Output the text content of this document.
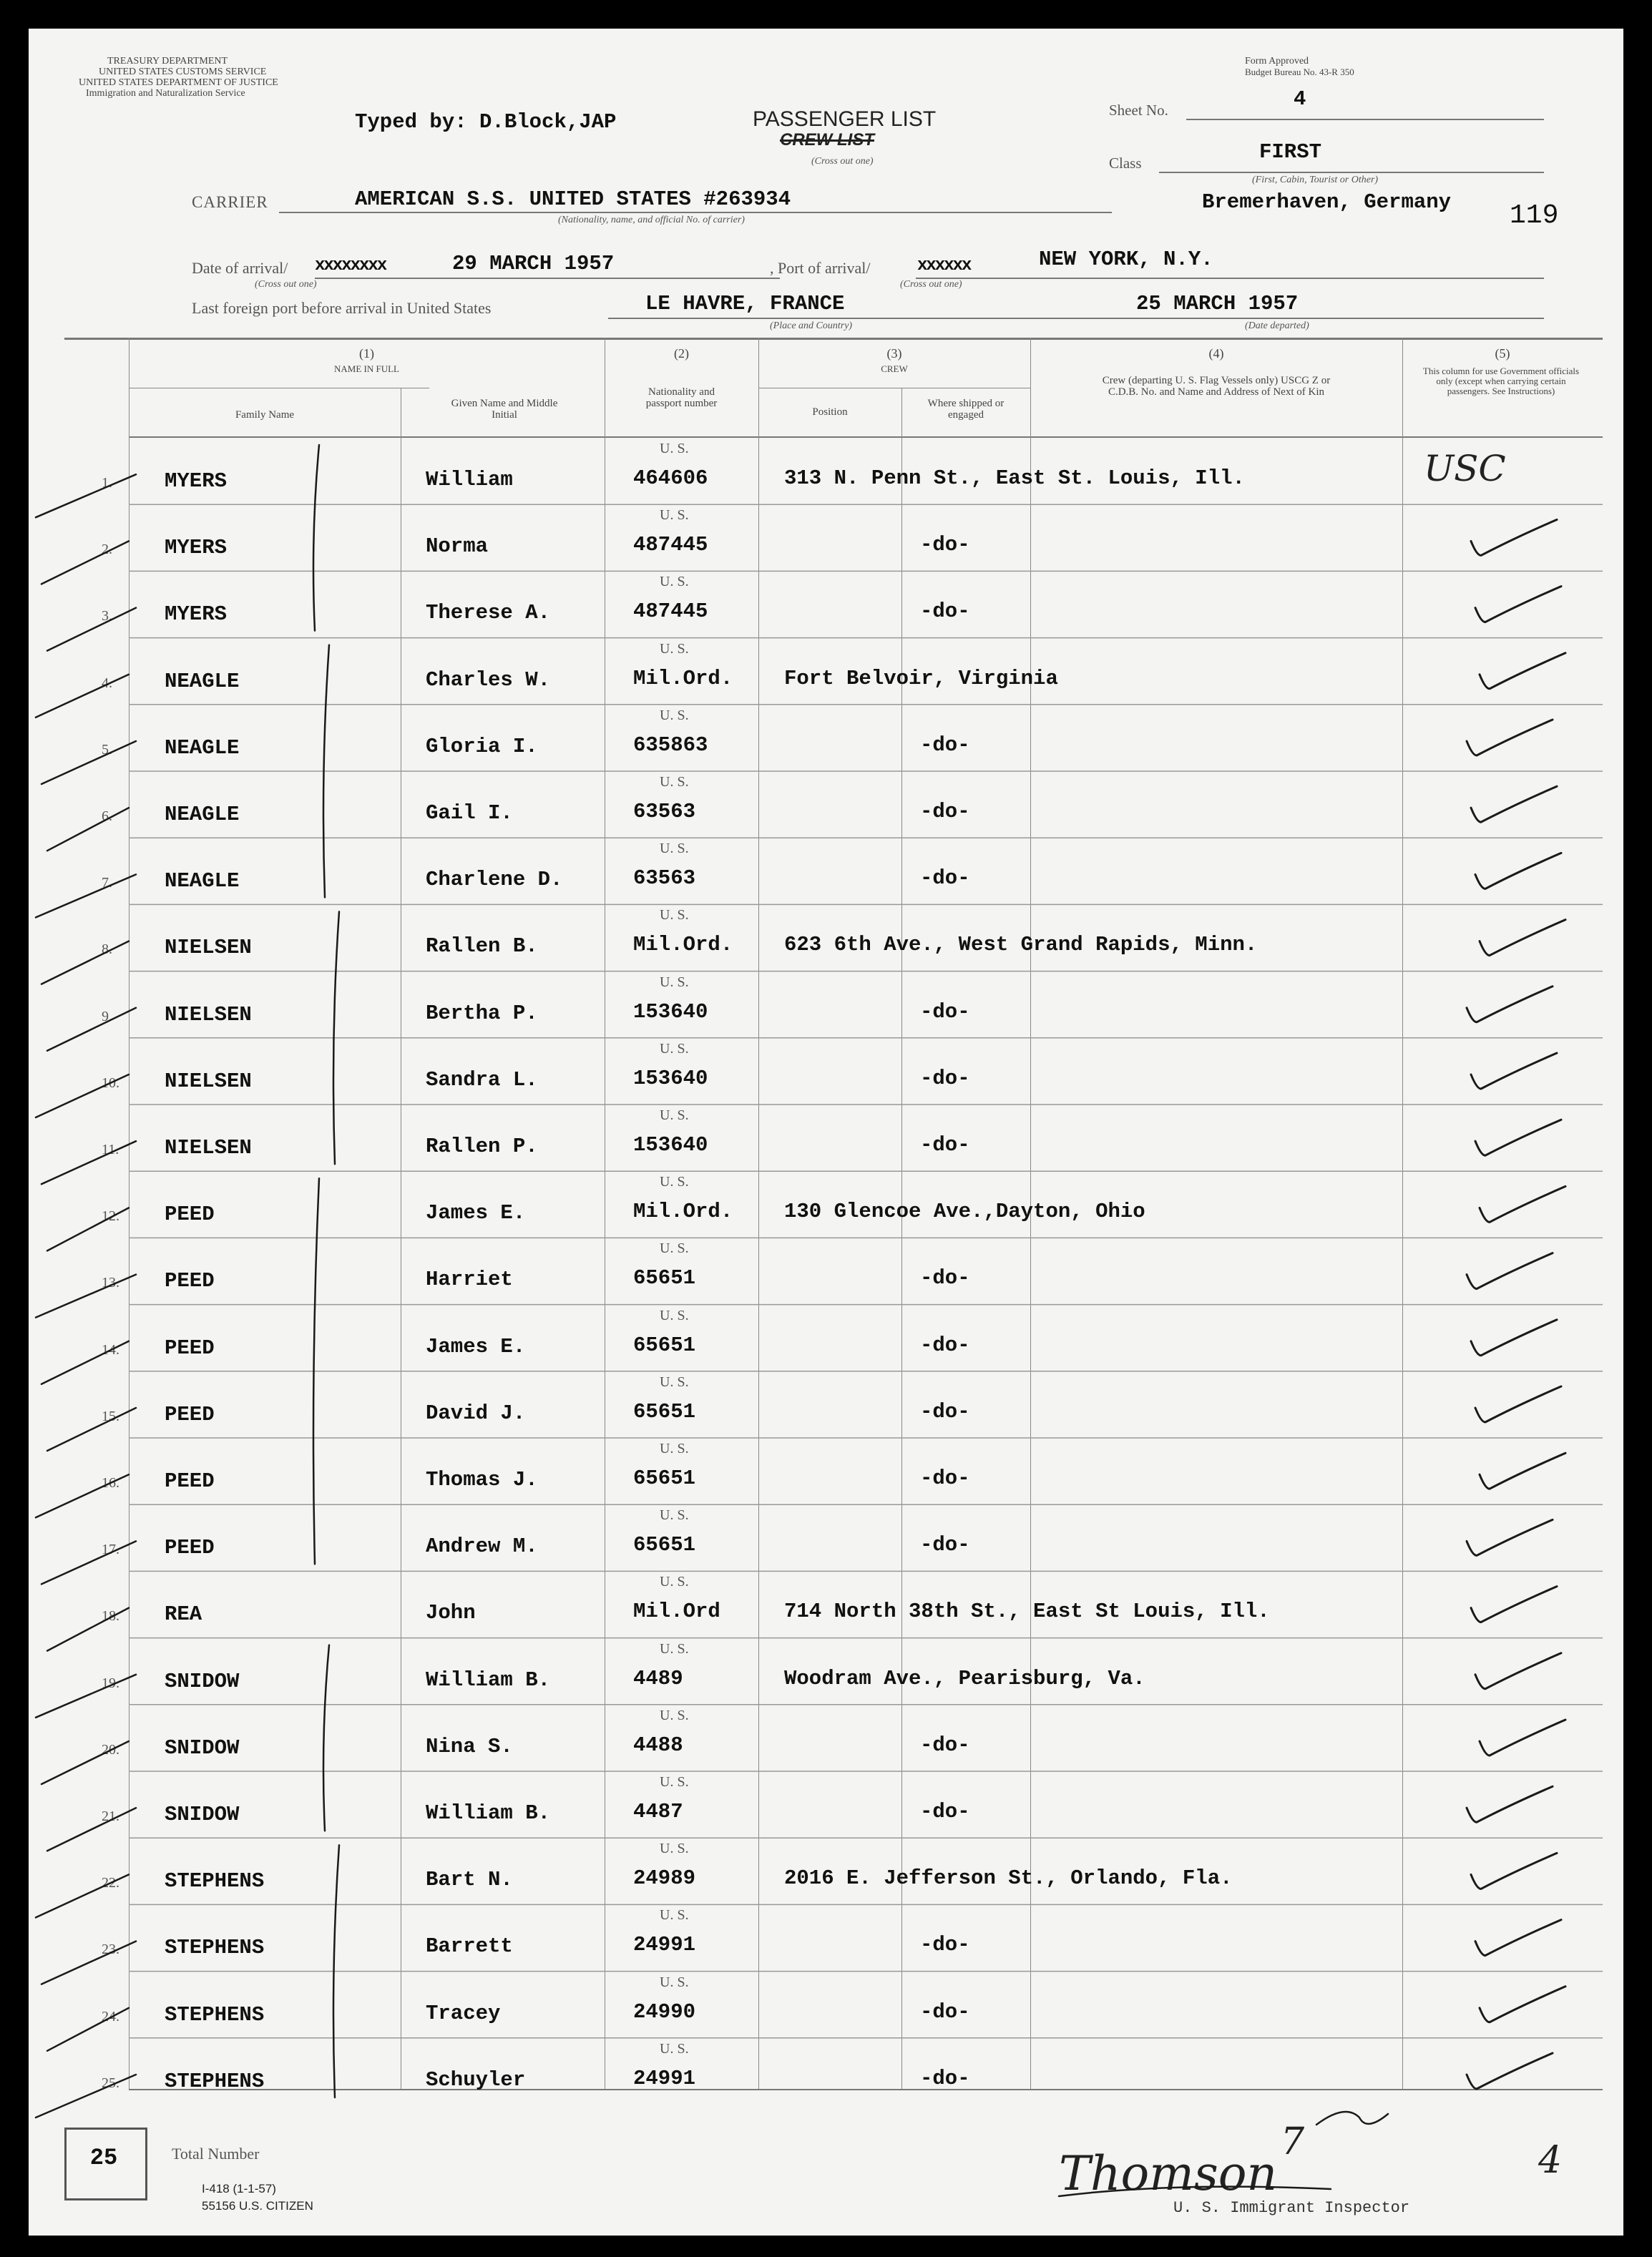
TREASURY DEPARTMENT
UNITED STATES CUSTOMS SERVICE
UNITED STATES DEPARTMENT OF JUSTICE
Immigration and Naturalization Service
Typed by: D.Block,JAP	PASSENGER LIST
CREW LIST
(Cross out one)
Form Approved
Budget Bureau No. 43-R 350
Sheet No.	4
Class	FIRST
(First, Cabin, Tourist or Other)
CARRIER	AMERICAN S.S. UNITED STATES #263934
(Nationality, name, and official No. of carrier)
Bremerhaven, Germany 119
Date of arrival/ xxxxxxxx	29 MARCH 1957
(Cross out one)
, Port of arrival/	xxxxxx	NEW YORK, N.Y.
(Cross out one)
Last foreign port before arrival in United States	LE HAVRE, FRANCE
(Place and Country)
25 MARCH 1957
(Date departed)
(1)
NAME IN FULL
Family Name
Given Name and Middle Initial
(2)
Nationality and passport number
(3)
CREW
Position
Where shipped or engaged
(4)
Crew (departing U. S. Flag Vessels only) USCG Z or C.D.B. No. and Name and Address of Next of Kin
(5)
This column for use Government officials only (except when carrying certain passengers. See Instructions)
1.	MYERS	William
U. S.
464606	313 N. Penn St., East St. Louis, Ill.	USC
2.	MYERS	Norma
U. S.
487445	-do-
3.	MYERS	Therese A.
U. S.
487445	-do-
4.	NEAGLE	Charles W.
U. S.
Mil.Ord. Fort Belvoir, Virginia
5.	NEAGLE	Gloria I.
U. S.
635863	-do-
6.	NEAGLE	Gail I.
U. S.
63563	-do-
7.	NEAGLE	Charlene D.
U. S.
63563	-do-
8.	NIELSEN	Rallen B.
U. S.
Mil.Ord. 623 6th Ave., West Grand Rapids, Minn.
9.	NIELSEN	Bertha P.
U. S.
153640	-do-
10. NIELSEN	Sandra L.
U. S.
153640	-do-
11. NIELSEN	Rallen P.
U. S.
153640	-do-
12. PEED	James E.
U. S.
Mil.Ord. 130 Glencoe Ave.,Dayton, Ohio
13. PEED	Harriet
U. S.
65651	-do-
14. PEED	James E.
U. S.
65651	-do-
15. PEED	David J.
U. S.
65651	-do-
16. PEED	Thomas J.
U. S.
65651	-do-
17. PEED	Andrew M.
U. S.
65651	-do-
18. REA	John
U. S.
Mil.Ord	714 North 38th St., East St Louis, Ill.
19. SNIDOW	William B.
U. S.
4489	Woodram Ave., Pearisburg, Va.
20. SNIDOW	Nina S.
U. S.
4488	-do-
21. SNIDOW	William B.
U. S.
4487	-do-
22. STEPHENS	Bart N.
U. S.
24989	2016 E. Jefferson St., Orlando, Fla.
23. STEPHENS	Barrett
U. S.
24991	-do-
24. STEPHENS	Tracey
U. S.
24990	-do-
25. STEPHENS	Schuyler
U. S.
24991	-do-
25	Total Number
I-418 (1-1-57)
55156 U.S. CITIZEN
Thomson
7
U. S. Immigrant Inspector
4
